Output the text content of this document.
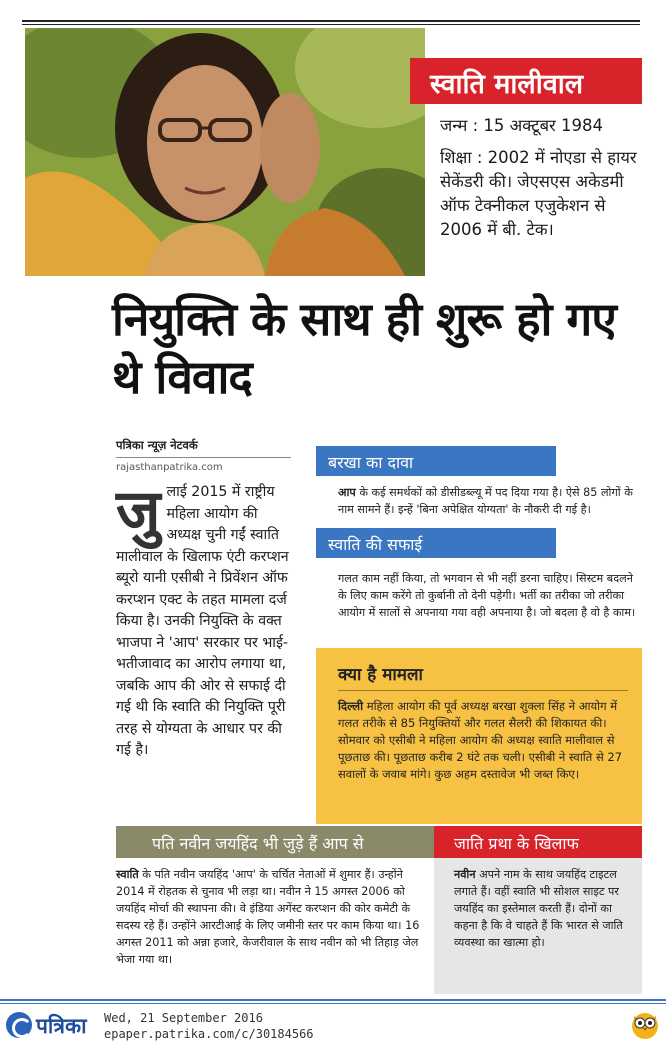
स्वाति मालीवाल
जन्म : 15 अक्टूबर 1984
शिक्षा : 2002 में नोएडा से हायर सेकेंडरी की। जेएसएस अकेडमी ऑफ टेक्नीकल एजुकेशन से 2006 में बी. टेक।
नियुक्ति के साथ ही शुरू हो गए थे विवाद
पत्रिका न्यूज़ नेटवर्क
rajasthanpatrika.com
जु लाई 2015 में राष्ट्रीय महिला आयोग की अध्यक्ष चुनी गईं स्वाति मालीवाल के खिलाफ एंटी करप्शन ब्यूरो यानी एसीबी ने प्रिवेंशन ऑफ करप्शन एक्ट के तहत मामला दर्ज किया है। उनकी नियुक्ति के वक्त भाजपा ने 'आप' सरकार पर भाई-भतीजावाद का आरोप लगाया था, जबकि आप की ओर से सफाई दी गई थी कि स्वाति की नियुक्ति पूरी तरह से योग्यता के आधार पर की गई है।
बरखा का दावा
आप के कई समर्थकों को डीसीडब्ल्यू में पद दिया गया है। ऐसे 85 लोगों के नाम सामने हैं। इन्हें 'बिना अपेक्षित योग्यता' के नौकरी दी गई है।
स्वाति की सफाई
गलत काम नहीं किया, तो भगवान से भी नहीं डरना चाहिए। सिस्टम बदलने के लिए काम करेंगे तो कुर्बानी तो देनी पड़ेगी। भर्ती का तरीका जो तरीका आयोग में सालों से अपनाया गया वही अपनाया है। जो बदला है वो है काम।
क्या है मामला
दिल्ली महिला आयोग की पूर्व अध्यक्ष बरखा शुक्ला सिंह ने आयोग में गलत तरीके से 85 नियुक्तियों और गलत सैलरी की शिकायत की। सोमवार को एसीबी ने महिला आयोग की अध्यक्ष स्वाति मालीवाल से पूछताछ की। पूछताछ करीब 2 घंटे तक चली। एसीबी ने स्वाति से 27 सवालों के जवाब मांगे। कुछ अहम दस्तावेज भी जब्त किए।
पति नवीन जयहिंद भी जुड़े हैं आप से	जाति प्रथा के खिलाफ
स्वाति के पति नवीन जयहिंद 'आप' के चर्चित नेताओं में शुमार हैं। उन्होंने 2014 में रोहतक से चुनाव भी लड़ा था। नवीन ने 15 अगस्त 2006 को जयहिंद मोर्चा की स्थापना की। वे इंडिया अगेंस्ट करप्शन की कोर कमेटी के सदस्य रहे हैं। उन्होंने आरटीआई के लिए जमीनी स्तर पर काम किया था। 16 अगस्त 2011 को अन्ना हजारे, केजरीवाल के साथ नवीन को भी तिहाड़ जेल भेजा गया था।
नवीन अपने नाम के साथ जयहिंद टाइटल लगाते हैं। वहीं स्वाति भी सोशल साइट पर जयहिंद का इस्तेमाल करती हैं। दोनों का कहना है कि वे चाहते हैं कि भारत से जाति व्यवस्था का खात्मा हो।
पत्रिका Wed, 21 September 2016
epaper.patrika.com/c/30184566
